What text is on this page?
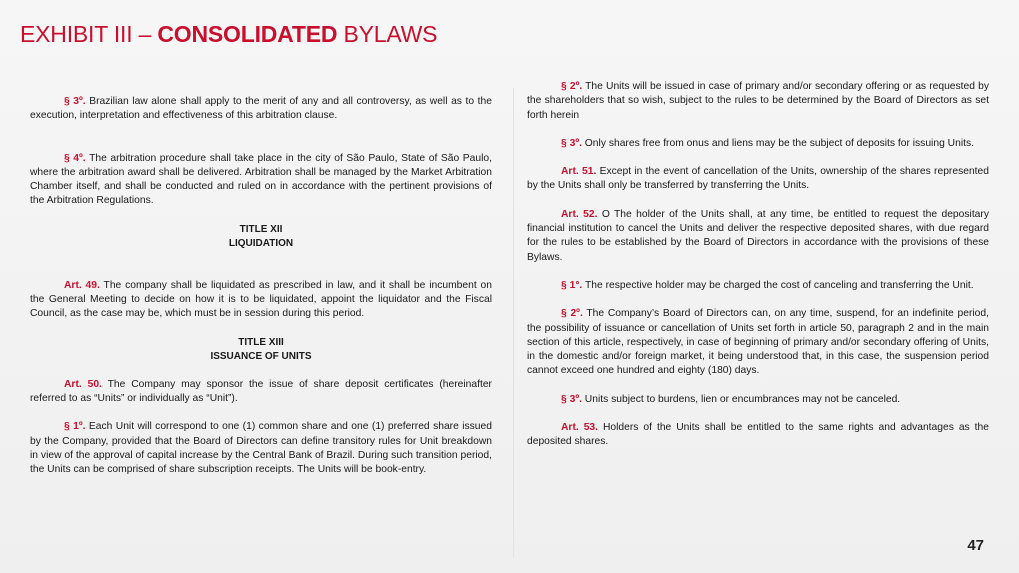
EXHIBIT III – CONSOLIDATED BYLAWS

§ 3º. Brazilian law alone shall apply to the merit of any and all controversy, as well as to the execution, interpretation and effectiveness of this arbitration clause.

§ 4º. The arbitration procedure shall take place in the city of São Paulo, State of São Paulo, where the arbitration award shall be delivered. Arbitration shall be managed by the Market Arbitration Chamber itself, and shall be conducted and ruled on in accordance with the pertinent provisions of the Arbitration Regulations.

TITLE XII
LIQUIDATION

Art. 49. The company shall be liquidated as prescribed in law, and it shall be incumbent on the General Meeting to decide on how it is to be liquidated, appoint the liquidator and the Fiscal Council, as the case may be, which must be in session during this period.

TITLE XIII
ISSUANCE OF UNITS

Art. 50. The Company may sponsor the issue of share deposit certificates (hereinafter referred to as “Units” or individually as “Unit”).

§ 1º. Each Unit will correspond to one (1) common share and one (1) preferred share issued by the Company, provided that the Board of Directors can define transitory rules for Unit breakdown in view of the approval of capital increase by the Central Bank of Brazil. During such transition period, the Units can be comprised of share subscription receipts. The Units will be book-entry.

§ 2º. The Units will be issued in case of primary and/or secondary offering or as requested by the shareholders that so wish, subject to the rules to be determined by the Board of Directors as set forth herein

§ 3º. Only shares free from onus and liens may be the subject of deposits for issuing Units.

Art. 51. Except in the event of cancellation of the Units, ownership of the shares represented by the Units shall only be transferred by transferring the Units.

Art. 52. O The holder of the Units shall, at any time, be entitled to request the depositary financial institution to cancel the Units and deliver the respective deposited shares, with due regard for the rules to be established by the Board of Directors in accordance with the provisions of these Bylaws.

§ 1°. The respective holder may be charged the cost of canceling and transferring the Unit.

§ 2º. The Company’s Board of Directors can, on any time, suspend, for an indefinite period, the possibility of issuance or cancellation of Units set forth in article 50, paragraph 2 and in the main section of this article, respectively, in case of beginning of primary and/or secondary offering of Units, in the domestic and/or foreign market, it being understood that, in this case, the suspension period cannot exceed one hundred and eighty (180) days.

§ 3º. Units subject to burdens, lien or encumbrances may not be canceled.

Art. 53. Holders of the Units shall be entitled to the same rights and advantages as the deposited shares.

47
